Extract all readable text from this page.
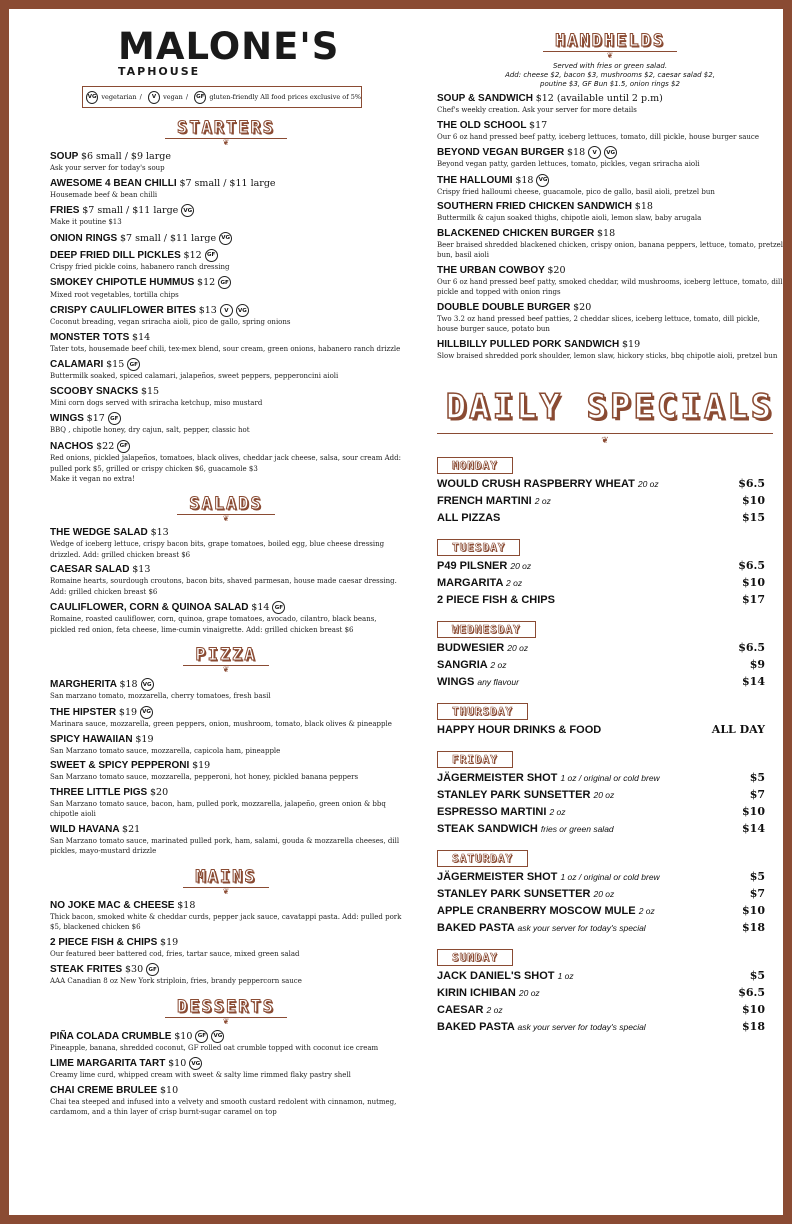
MALONE'S
TAPHOUSE
VG vegetarian /	V	vegan /	GF gluten-friendly All food prices exclusive of 5%
STARTERS
❦
SOUP $6 small / $9 large
Ask your server for today's soup
AWESOME 4 BEAN CHILLI $7 small / $11 large
Housemade beef & bean chilli
FRIES $7 small / $11 large VG
Make it poutine $13
ONION RINGS $7 small / $11 large VG
DEEP FRIED DILL PICKLES $12 GF
Crispy fried pickle coins, habanero ranch dressing
SMOKEY CHIPOTLE HUMMUS $12 GF
Mixed root vegetables, tortilla chips
CRISPY CAULIFLOWER BITES $13 V VG
Coconut breading, vegan sriracha aioli, pico de gallo, spring onions
MONSTER TOTS $14
Tater tots, housemade beef chili, tex-mex blend, sour cream, green onions, habanero ranch drizzle
CALAMARI $15 GF
Buttermilk soaked, spiced calamari, jalapeños, sweet peppers, pepperoncini aioli
SCOOBY SNACKS $15
Mini corn dogs served with sriracha ketchup, miso mustard
WINGS $17 GF
BBQ , chipotle honey, dry cajun, salt, pepper, classic hot
NACHOS $22 GF
Red onions, pickled jalapeños, tomatoes, black olives, cheddar jack cheese, salsa, sour cream Add: pulled pork $5, grilled or crispy chicken $6, guacamole $3
Make it vegan no extra!
SALADS
❦
THE WEDGE SALAD $13
Wedge of iceberg lettuce, crispy bacon bits, grape tomatoes, boiled egg, blue cheese dressing drizzled. Add: grilled chicken breast $6
CAESAR SALAD $13
Romaine hearts, sourdough croutons, bacon bits, shaved parmesan, house made caesar dressing. Add: grilled chicken breast $6
CAULIFLOWER, CORN & QUINOA SALAD $14 GF
Romaine, roasted cauliflower, corn, quinoa, grape tomatoes, avocado, cilantro, black beans, pickled red onion, feta cheese, lime-cumin vinaigrette. Add: grilled chicken breast $6
PIZZA
❦
MARGHERITA $18 VG
San marzano tomato, mozzarella, cherry tomatoes, fresh basil
THE HIPSTER $19 VG
Marinara sauce, mozzarella, green peppers, onion, mushroom, tomato, black olives & pineapple
SPICY HAWAIIAN $19
San Marzano tomato sauce, mozzarella, capicola ham, pineapple
SWEET & SPICY PEPPERONI $19
San Marzano tomato sauce, mozzarella, pepperoni, hot honey, pickled banana peppers
THREE LITTLE PIGS $20
San Marzano tomato sauce, bacon, ham, pulled pork, mozzarella, jalapeño, green onion & bbq chipotle aioli
WILD HAVANA $21
San Marzano tomato sauce, marinated pulled pork, ham, salami, gouda & mozzarella cheeses, dill pickles, mayo-mustard drizzle
MAINS
❦
NO JOKE MAC & CHEESE $18
Thick bacon, smoked white & cheddar curds, pepper jack sauce, cavatappi pasta. Add: pulled pork $5, blackened chicken $6
2 PIECE FISH & CHIPS $19
Our featured beer battered cod, fries, tartar sauce, mixed green salad
STEAK FRITES $30 GF
AAA Canadian 8 oz New York striploin, fries, brandy peppercorn sauce
DESSERTS
❦
PIÑA COLADA CRUMBLE $10 GF VG
Pineapple, banana, shredded coconut, GF rolled oat crumble topped with coconut ice cream
LIME MARGARITA TART $10 VG
Creamy lime curd, whipped cream with sweet & salty lime rimmed flaky pastry shell
CHAI CREME BRULEE $10
Chai tea steeped and infused into a velvety and smooth custard redolent with cinnamon, nutmeg, cardamom, and a thin layer of crisp burnt-sugar caramel on top
HANDHELDS
❦
Served with fries or green salad.
Add: cheese $2, bacon $3, mushrooms $2, caesar salad $2,
poutine $3, GF Bun $1.5, onion rings $2
SOUP & SANDWICH $12 (available until 2 p.m)
Chef's weekly creation. Ask your server for more details
THE OLD SCHOOL $17
Our 6 oz hand pressed beef patty, iceberg lettuces, tomato, dill pickle, house burger sauce
BEYOND VEGAN BURGER $18 V VG
Beyond vegan patty, garden lettuces, tomato, pickles, vegan sriracha aioli
THE HALLOUMI $18 VG
Crispy fried halloumi cheese, guacamole, pico de gallo, basil aioli, pretzel bun
SOUTHERN FRIED CHICKEN SANDWICH $18
Buttermilk & cajun soaked thighs, chipotle aioli, lemon slaw, baby arugala
BLACKENED CHICKEN BURGER $18
Beer braised shredded blackened chicken, crispy onion, banana peppers, lettuce, tomato, pretzel bun, basil aioli
THE URBAN COWBOY $20
Our 6 oz hand pressed beef patty, smoked cheddar, wild mushrooms, iceberg lettuce, tomato, dill pickle and topped with onion rings
DOUBLE DOUBLE BURGER $20
Two 3.2 oz hand pressed beef patties, 2 cheddar slices, iceberg lettuce, tomato, dill pickle, house burger sauce, potato bun
HILLBILLY PULLED PORK SANDWICH $19
Slow braised shredded pork shoulder, lemon slaw, hickory sticks, bbq chipotle aioli, pretzel bun
DAILY SPECIALS
❦
MONDAY
WOULD CRUSH RASPBERRY WHEAT 20 oz	$6.5
FRENCH MARTINI 2 oz	$10
ALL PIZZAS	$15
TUESDAY
P49 PILSNER 20 oz	$6.5
MARGARITA 2 oz	$10
2 PIECE FISH & CHIPS	$17
WEDNESDAY
BUDWESIER 20 oz	$6.5
SANGRIA 2 oz	$9
WINGS any flavour	$14
THURSDAY
HAPPY HOUR DRINKS & FOOD	ALL DAY
FRIDAY
JÄGERMEISTER SHOT 1 oz / original or cold brew	$5
STANLEY PARK SUNSETTER 20 oz	$7
ESPRESSO MARTINI 2 oz	$10
STEAK SANDWICH fries or green salad	$14
SATURDAY
JÄGERMEISTER SHOT 1 oz / original or cold brew	$5
STANLEY PARK SUNSETTER 20 oz	$7
APPLE CRANBERRY MOSCOW MULE 2 oz	$10
BAKED PASTA ask your server for today's special	$18
SUNDAY
JACK DANIEL'S SHOT 1 oz	$5
KIRIN ICHIBAN 20 oz	$6.5
CAESAR 2 oz	$10
BAKED PASTA ask your server for today's special	$18
